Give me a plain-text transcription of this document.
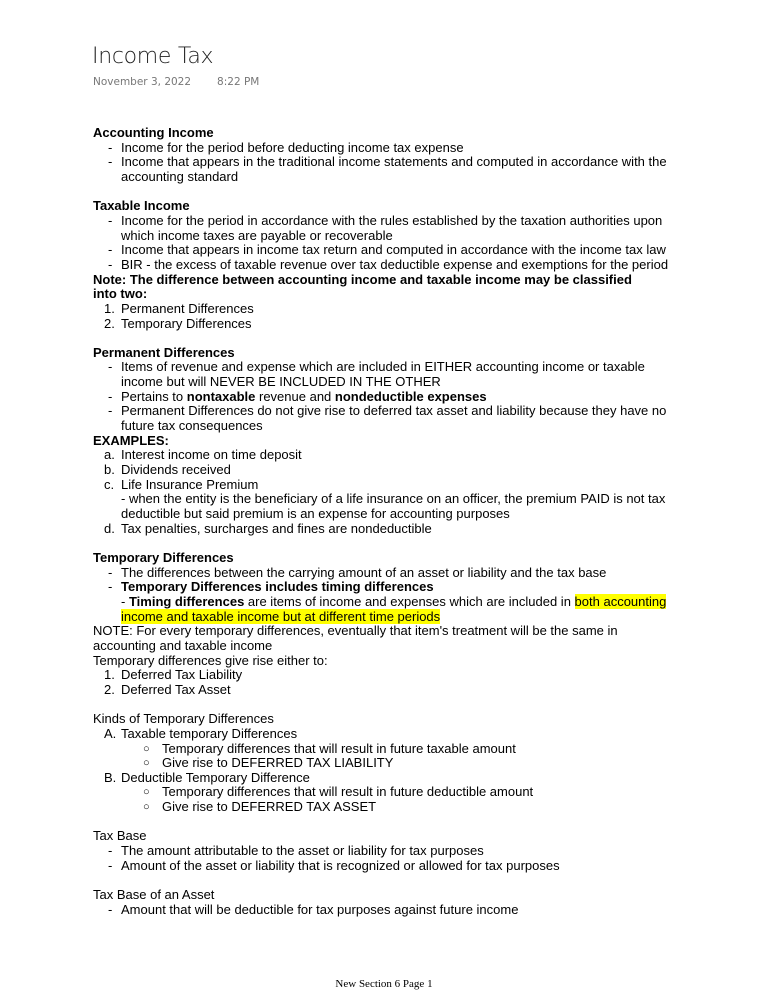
Income Tax
November 3, 2022 8:22 PM
Accounting Income
- Income for the period before deducting income tax expense
- Income that appears in the traditional income statements and computed in accordance with the accounting standard
Taxable Income
- Income for the period in accordance with the rules established by the taxation authorities upon which income taxes are payable or recoverable
- Income that appears in income tax return and computed in accordance with the income tax law
- BIR - the excess of taxable revenue over tax deductible expense and exemptions for the period
Note: The difference between accounting income and taxable income may be classified into two:
1. Permanent Differences
2. Temporary Differences
Permanent Differences
- Items of revenue and expense which are included in EITHER accounting income or taxable income but will NEVER BE INCLUDED IN THE OTHER
- Pertains to nontaxable revenue and nondeductible expenses
- Permanent Differences do not give rise to deferred tax asset and liability because they have no future tax consequences
EXAMPLES:
a. Interest income on time deposit
b. Dividends received
c. Life Insurance Premium
- when the entity is the beneficiary of a life insurance on an officer, the premium PAID is not tax deductible but said premium is an expense for accounting purposes
d. Tax penalties, surcharges and fines are nondeductible
Temporary Differences
- The differences between the carrying amount of an asset or liability and the tax base
- Temporary Differences includes timing differences
- Timing differences are items of income and expenses which are included in both accounting income and taxable income but at different time periods
NOTE: For every temporary differences, eventually that item's treatment will be the same in accounting and taxable income
Temporary differences give rise either to:
1. Deferred Tax Liability
2. Deferred Tax Asset
Kinds of Temporary Differences
A. Taxable temporary Differences
○ Temporary differences that will result in future taxable amount
○ Give rise to DEFERRED TAX LIABILITY
B. Deductible Temporary Difference
○ Temporary differences that will result in future deductible amount
○ Give rise to DEFERRED TAX ASSET
Tax Base
- The amount attributable to the asset or liability for tax purposes
- Amount of the asset or liability that is recognized or allowed for tax purposes
Tax Base of an Asset
- Amount that will be deductible for tax purposes against future income
New Section 6 Page 1
